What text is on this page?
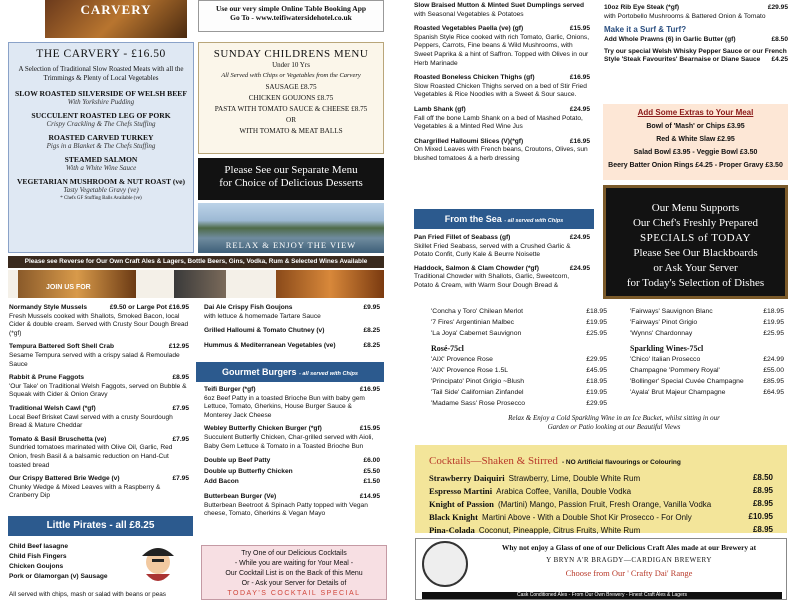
CARVERY	Use our very simple Online Table Booking App
Go To - www.teifiwatersidehotel.co.uk
THE CARVERY - £16.50
A Selection of Traditional Slow Roasted Meats with all the Trimmings & Plenty of Local Vegetables
SLOW ROASTED SILVERSIDE OF WELSH BEEF
With Yorkshire Pudding
SUCCULENT ROASTED LEG OF PORK
Crispy Crackling & The Chefs Stuffing
ROASTED CARVED TURKEY
Pigs in a Blanket & The Chefs Stuffing
STEAMED SALMON
With a White Wine Sauce
VEGETARIAN MUSHROOM & NUT ROAST (ve)
Tasty Vegetable Gravy (ve)
* Chefs GF Stuffing Balls Available (ve)
SUNDAY CHILDRENS MENU
Under 10 Yrs
All Served with Chips or Vegetables from the Carvery
SAUSAGE £8.75
CHICKEN GOUJONS £8.75
PASTA WITH TOMATO SAUCE & CHEESE £8.75
OR
WITH TOMATO & MEAT BALLS
Please See our Separate Menu
for Choice of Delicious Desserts
RELAX & ENJOY THE VIEW
Please see Reverse for Our Own Craft Ales & Lagers, Bottle Beers, Gins, Vodka, Rum & Selected Wines Available
JOIN US FOR
Slow Braised Mutton & Minted Suet Dumplings served
with Seasonal Vegetables & Potatoes
Roasted Vegetables Paella (ve) (gf)	£15.95
Spanish Style Rice cooked with rich Tomato, Garlic, Onions, Peppers, Carrots, Fine beans & Wild Mushrooms, with Sweet Paprika & a hint of Saffron. Topped with Olives in our Herb Marinade
Roasted Boneless Chicken Thighs (gf)	£16.95
Slow Roasted Chicken Thighs served on a bed of Stir Fried Vegetables & Rice Noodles with a Sweet & Sour sauce.
Lamb Shank (gf)	£24.95
Fall off the bone Lamb Shank on a bed of Mashed Potato, Vegetables & a Minted Red Wine Jus
Chargrilled Halloumi Slices (V)(*gf)	£16.95
On Mixed Leaves with French beans, Croutons, Olives, sun blushed tomatoes & a herb dressing
From the Sea - all served with Chips
Pan Fried Fillet of Seabass (gf)	£24.95
Skillet Fried Seabass, served with a Crushed Garlic & Potato Confit, Curly Kale & Beurre Noisette
Haddock, Salmon & Clam Chowder (*gf)	£24.95
Traditional Chowder with Shallots, Garlic, Sweetcorn, Potato & Cream, with Warm Sour Dough Bread &
10oz Rib Eye Steak (*gf)	£29.95
with Portobello Mushrooms & Battered Onion & Tomato
Make it a Surf & Turf?
Add Whole Prawns (6) in Garlic Butter (gf)	£8.50
Try our special Welsh Whisky Pepper Sauce or our French Style 'Steak Favourites' Bearnaise or Diane Sauce £4.25
Add Some Extras to Your Meal
Bowl of 'Mash' or Chips £3.95
Red & White Slaw £2.95
Salad Bowl £3.95 - Veggie Bowl £3.50
Beery Batter Onion Rings £4.25 - Proper Gravy £3.50
Our Menu Supports
Our Chef's Freshly Prepared
SPECIALS of TODAY
Please See Our Blackboards
or Ask Your Server
for Today's Selection of Dishes
Normandy Style Mussels	£9.50 or Large Pot £16.95
Fresh Mussels cooked with Shallots, Smoked Bacon, local Cider & double cream. Served with Crusty Sour Dough Bread (*gf)
Tempura Battered Soft Shell Crab	£12.95
Sesame Tempura served with a crispy salad & Remoulade Sauce
Rabbit & Prune Faggots	£8.95
'Our Take' on Traditional Welsh Faggots, served on Bubble & Squeak with Cider & Onion Gravy
Traditional Welsh Cawl (*gf)	£7.95
Local Beef Brisket Cawl served with a crusty Sourdough Bread & Mature Cheddar
Tomato & Basil Bruschetta (ve)	£7.95
Sundried tomatoes marinated with Olive Oil, Garlic, Red Onion, fresh Basil & a balsamic reduction on Hand-Cut toasted bread
Our Crispy Battered Brie Wedge (v)	£7.95
Chunky Wedge & Mixed Leaves with a Raspberry & Cranberry Dip
Little Pirates - all £8.25
Child Beef lasagne
Child Fish Fingers
Chicken Goujons
Pork or Glamorgan (v) Sausage
All served with chips, mash or salad with beans or peas
Dai Ale Crispy Fish Goujons	£9.95
with lettuce & homemade Tartare Sauce
Grilled Halloumi & Tomato Chutney (v)	£8.25
Hummus & Mediterranean Vegetables (ve)	£8.25
Gourmet Burgers - all served with Chips
Teifi Burger (*gf)	£16.95
6oz Beef Patty in a toasted Brioche Bun with baby gem Lettuce, Tomato, Gherkins, House Burger Sauce & Monterey Jack Cheese
Webley Butterfly Chicken Burger (*gf)	£15.95
Succulent Butterfly Chicken, Char-grilled served with Aioli, Baby Gem Lettuce & Tomato in a Toasted Brioche Bun
Double up Beef Patty	£6.00
Double up Butterfly Chicken	£5.50
Add Bacon	£1.50
Butterbean Burger (Ve)	£14.95
Butterbean Beetroot & Spinach Patty topped with Vegan cheese, Tomato, Gherkins & Vegan Mayo
Try One of our Delicious Cocktails
- While you are waiting for Your Meal -
Our Cocktail List is on the Back of this Menu
Or - Ask your Server for Details of
TODAY'S COCKTAIL SPECIAL
'Concha y Toro' Chilean Merlot	£18.95
'7 Fires' Argentinian Malbec	£19.95
'La Joya' Cabernet Sauvignon	£25.95
'Fairways' Sauvignon Blanc	£18.95
'Fairways' Pinot Grigio	£19.95
'Wynns' Chardonnay	£25.95
Rosé-75cl	Sparkling Wines-75cl
'AIX' Provence Rose	£29.95
'AIX' Provence Rose 1.5L	£45.95
'Principato' Pinot Grigio ~Blush	£18.95
'Tail Side' Californian Zinfandel	£19.95
'Madame Sass' Rose Prosecco	£29.95
'Chico' Italian Prosecco	£24.99
Champagne 'Pommery Royal'	£55.00
'Bollinger' Special Cuvée Champagne	£85.95
'Ayala' Brut Majeur Champagne	£64.95
Relax & Enjoy a Cold Sparkling Wine in an Ice Bucket, whilst sitting in our Garden or Patio looking at our Beautiful Views
Cocktails—Shaken & Stirred - NO Artificial flavourings or Colouring
Strawberry Daiquiri Strawberry, Lime, Double White Rum	£8.50
Espresso Martini Arabica Coffee, Vanilla, Double Vodka	£8.95
Knight of Passion (Martini) Mango, Passion Fruit, Fresh Orange, Vanilla Vodka	£8.95
Black Knight Martini Above - With a Double Shot Kir Prosecco - For Only	£10.95
Pina-Colada Coconut, Pineapple, Citrus Fruits, White Rum	£8.95
Why not enjoy a Glass of one of our Delicious Craft Ales made at our Brewery at
Y BRYN A'R BRAGDY—CARDIGAN BREWERY
Choose from Our ' Crafty Dai' Range
Cask Conditioned Ales - From Our Own Brewery - Finest Craft Ales & Lagers
